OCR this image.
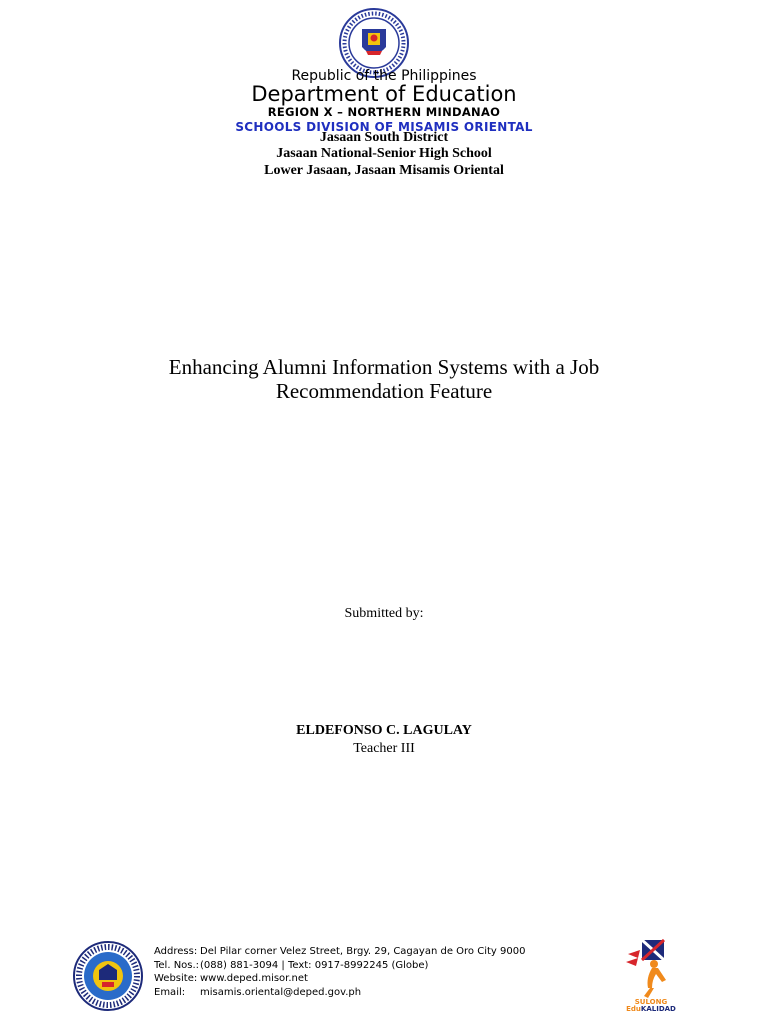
Republic of the Philippines
Department of Education
REGION X – NORTHERN MINDANAO
SCHOOLS DIVISION OF MISAMIS ORIENTAL
Jasaan South District
Jasaan National-Senior High School
Lower Jasaan, Jasaan Misamis Oriental
Enhancing Alumni Information Systems with a Job
Recommendation Feature
Submitted by:
ELDEFONSO C. LAGULAY
Teacher III
Address: Del Pilar corner Velez Street, Brgy. 29, Cagayan de Oro City 9000
Tel. Nos.:(088) 881-3094 | Text: 0917-8992245 (Globe)
Website: www.deped.misor.net
Email: misamis.oriental@deped.gov.ph
SULONG
EduKALIDAD
